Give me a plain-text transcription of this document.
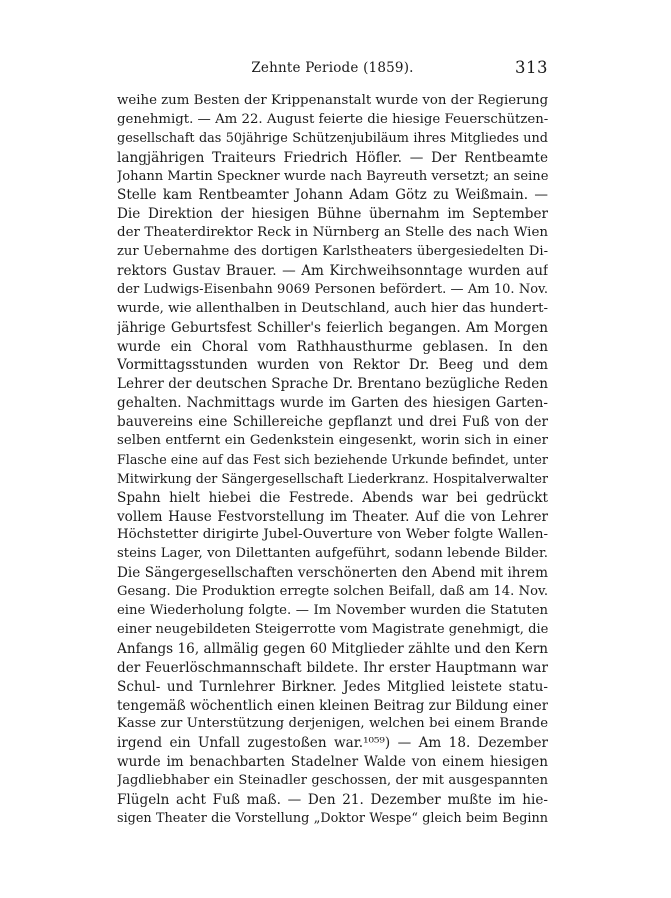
Zehnte Periode (1859).	313
weihe zum Besten der Krippenanstalt wurde von der Regierung
genehmigt. — Am 22. August feierte die hiesige Feuerschützen-
gesellschaft das 50jährige Schützenjubiläum ihres Mitgliedes und
langjährigen Traiteurs Friedrich Höfler. — Der Rentbeamte
Johann Martin Speckner wurde nach Bayreuth versetzt; an seine
Stelle kam Rentbeamter Johann Adam Götz zu Weißmain. —
Die Direktion der hiesigen Bühne übernahm im September
der Theaterdirektor Reck in Nürnberg an Stelle des nach Wien
zur Uebernahme des dortigen Karlstheaters übergesiedelten Di-
rektors Gustav Brauer. — Am Kirchweihsonntage wurden auf
der Ludwigs-Eisenbahn 9069 Personen befördert. — Am 10. Nov.
wurde, wie allenthalben in Deutschland, auch hier das hundert-
jährige Geburtsfest Schiller's feierlich begangen. Am Morgen
wurde ein Choral vom Rathhausthurme geblasen. In den
Vormittagsstunden wurden von Rektor Dr. Beeg und dem
Lehrer der deutschen Sprache Dr. Brentano bezügliche Reden
gehalten. Nachmittags wurde im Garten des hiesigen Garten-
bauvereins eine Schillereiche gepflanzt und drei Fuß von der
selben entfernt ein Gedenkstein eingesenkt, worin sich in einer
Flasche eine auf das Fest sich beziehende Urkunde befindet, unter
Mitwirkung der Sängergesellschaft Liederkranz. Hospitalverwalter
Spahn hielt hiebei die Festrede. Abends war bei gedrückt
vollem Hause Festvorstellung im Theater. Auf die von Lehrer
Höchstetter dirigirte Jubel-Ouverture von Weber folgte Wallen-
steins Lager, von Dilettanten aufgeführt, sodann lebende Bilder.
Die Sängergesellschaften verschönerten den Abend mit ihrem
Gesang. Die Produktion erregte solchen Beifall, daß am 14. Nov.
eine Wiederholung folgte. — Im November wurden die Statuten
einer neugebildeten Steigerrotte vom Magistrate genehmigt, die
Anfangs 16, allmälig gegen 60 Mitglieder zählte und den Kern
der Feuerlöschmannschaft bildete. Ihr erster Hauptmann war
Schul- und Turnlehrer Birkner. Jedes Mitglied leistete statu-
tengemäß wöchentlich einen kleinen Beitrag zur Bildung einer
Kasse zur Unterstützung derjenigen, welchen bei einem Brande
irgend ein Unfall zugestoßen war.¹⁰⁵⁹) — Am 18. Dezember
wurde im benachbarten Stadelner Walde von einem hiesigen
Jagdliebhaber ein Steinadler geschossen, der mit ausgespannten
Flügeln acht Fuß maß. — Den 21. Dezember mußte im hie-
sigen Theater die Vorstellung „Doktor Wespe“ gleich beim Beginn
